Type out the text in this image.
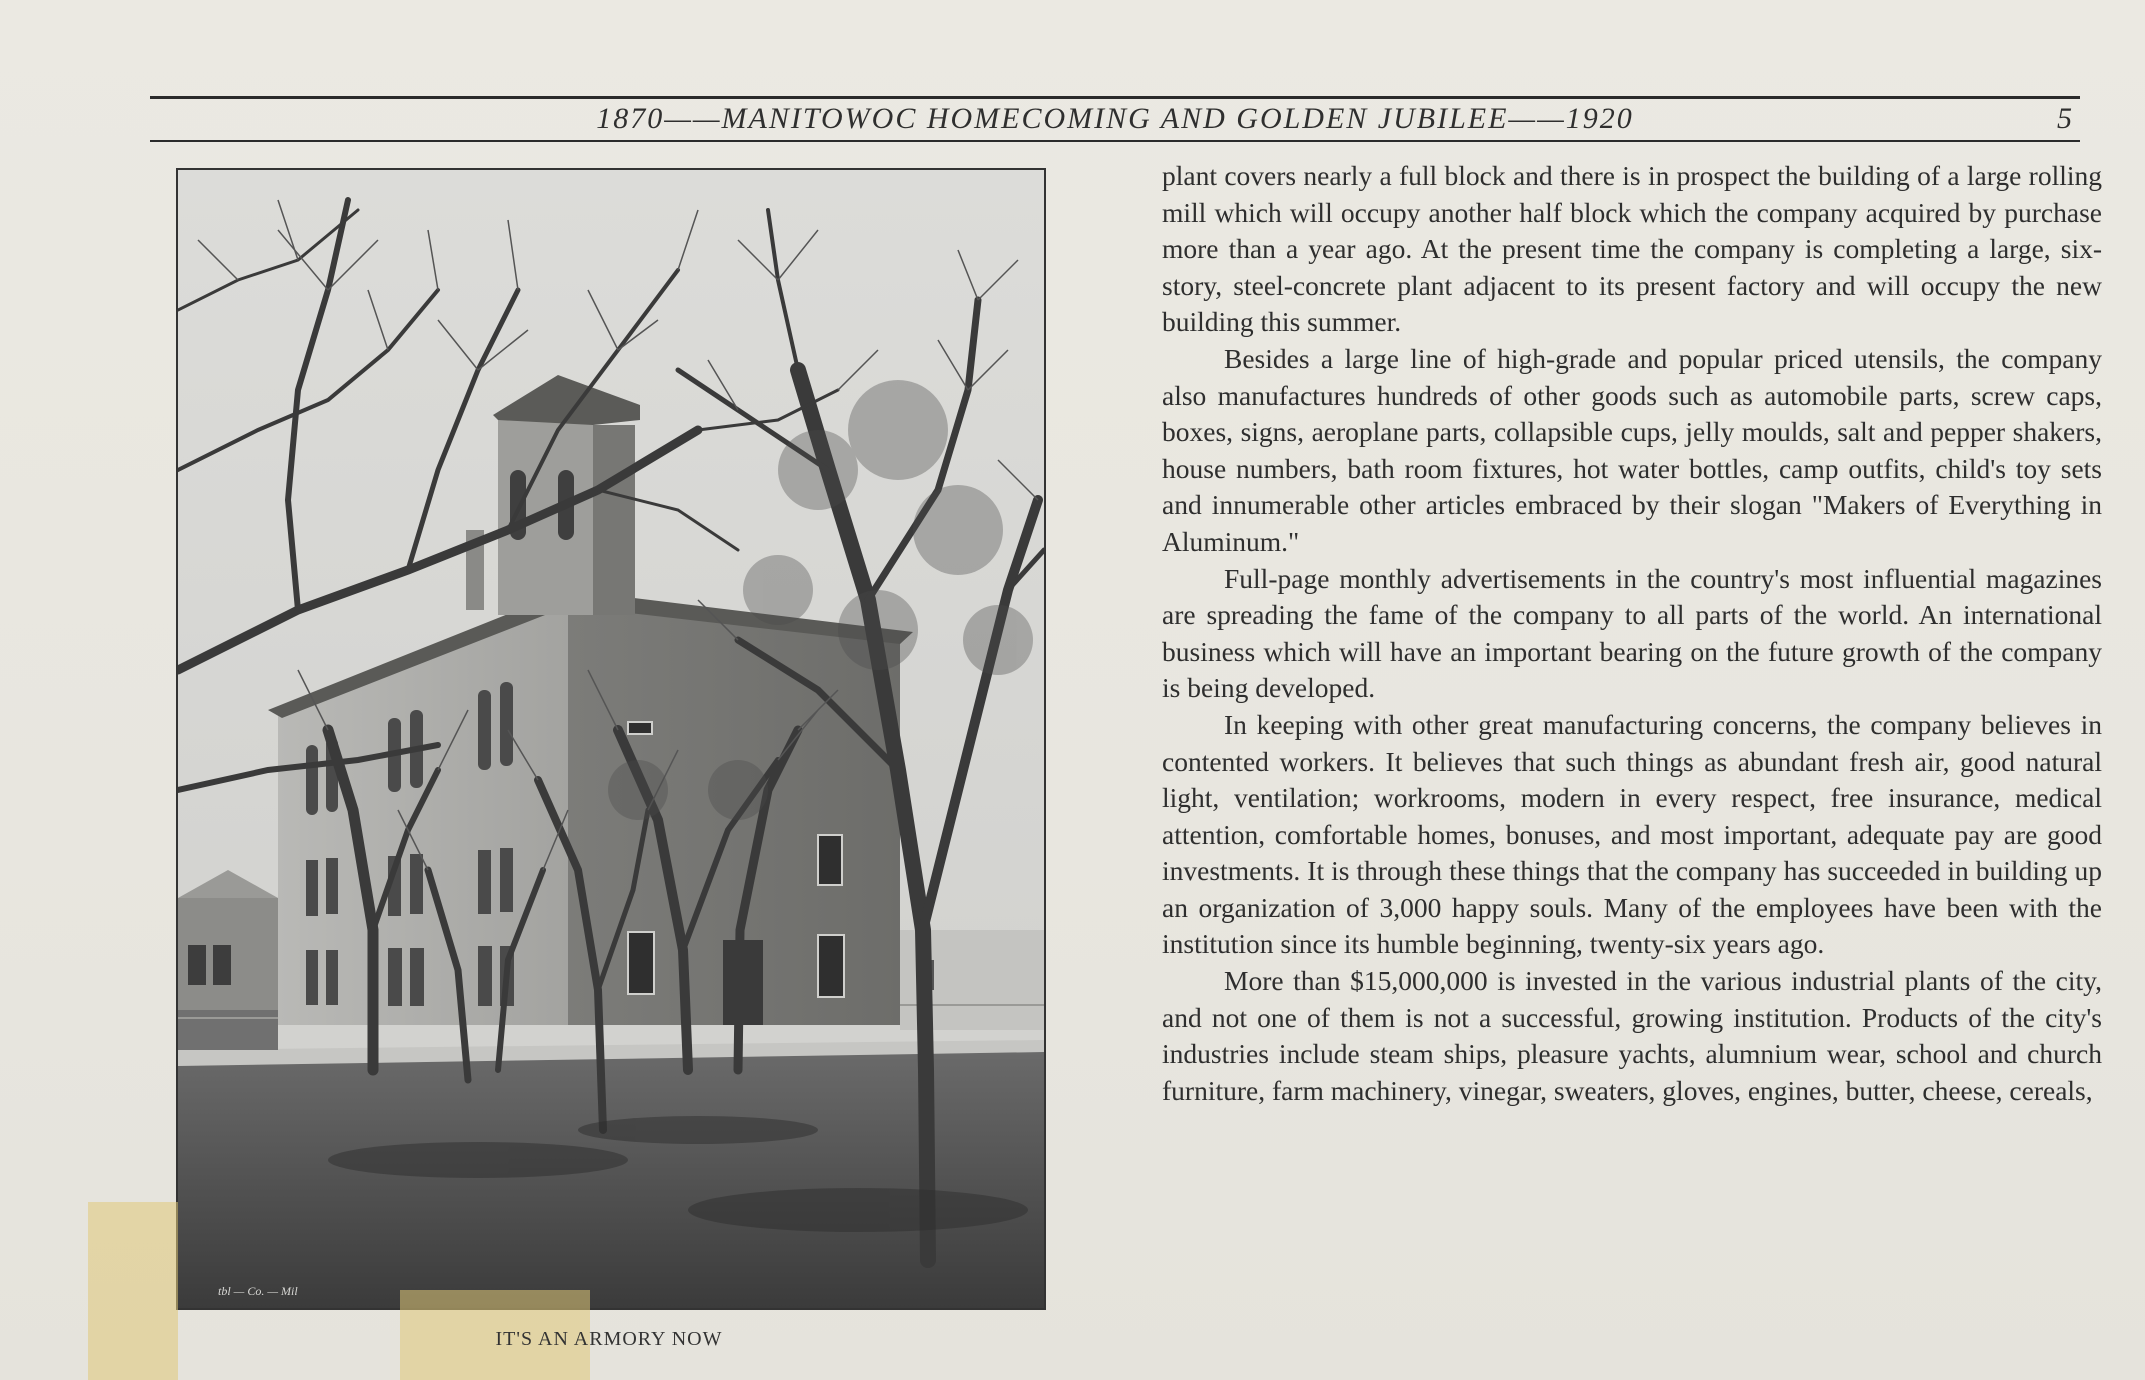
1870——MANITOWOC HOMECOMING AND GOLDEN JUBILEE——1920	5
tbl — Co. — Mil
IT'S AN ARMORY NOW

plant covers nearly a full block and there is in prospect the building of a large rolling mill which will occupy another half block which the company acquired by purchase more than a year ago. At the present time the company is completing a large, six-story, steel-concrete plant adjacent to its present factory and will occupy the new building this summer.

Besides a large line of high-grade and popular priced utensils, the company also manufactures hundreds of other goods such as automobile parts, screw caps, boxes, signs, aeroplane parts, collapsible cups, jelly moulds, salt and pepper shakers, house numbers, bath room fixtures, hot water bottles, camp outfits, child's toy sets and innumerable other articles embraced by their slogan "Makers of Everything in Aluminum."

Full-page monthly advertisements in the country's most influential magazines are spreading the fame of the company to all parts of the world. An international business which will have an important bearing on the future growth of the company is being developed.

In keeping with other great manufacturing concerns, the company believes in contented workers. It believes that such things as abundant fresh air, good natural light, ventilation; workrooms, modern in every respect, free insurance, medical attention, comfortable homes, bonuses, and most important, adequate pay are good investments. It is through these things that the company has succeeded in building up an organization of 3,000 happy souls. Many of the employees have been with the institution since its humble beginning, twenty-six years ago.

More than $15,000,000 is invested in the various industrial plants of the city, and not one of them is not a successful, growing institution. Products of the city's industries include steam ships, pleasure yachts, alumnium wear, school and church furniture, farm machinery, vinegar, sweaters, gloves, engines, butter, cheese, cereals,
